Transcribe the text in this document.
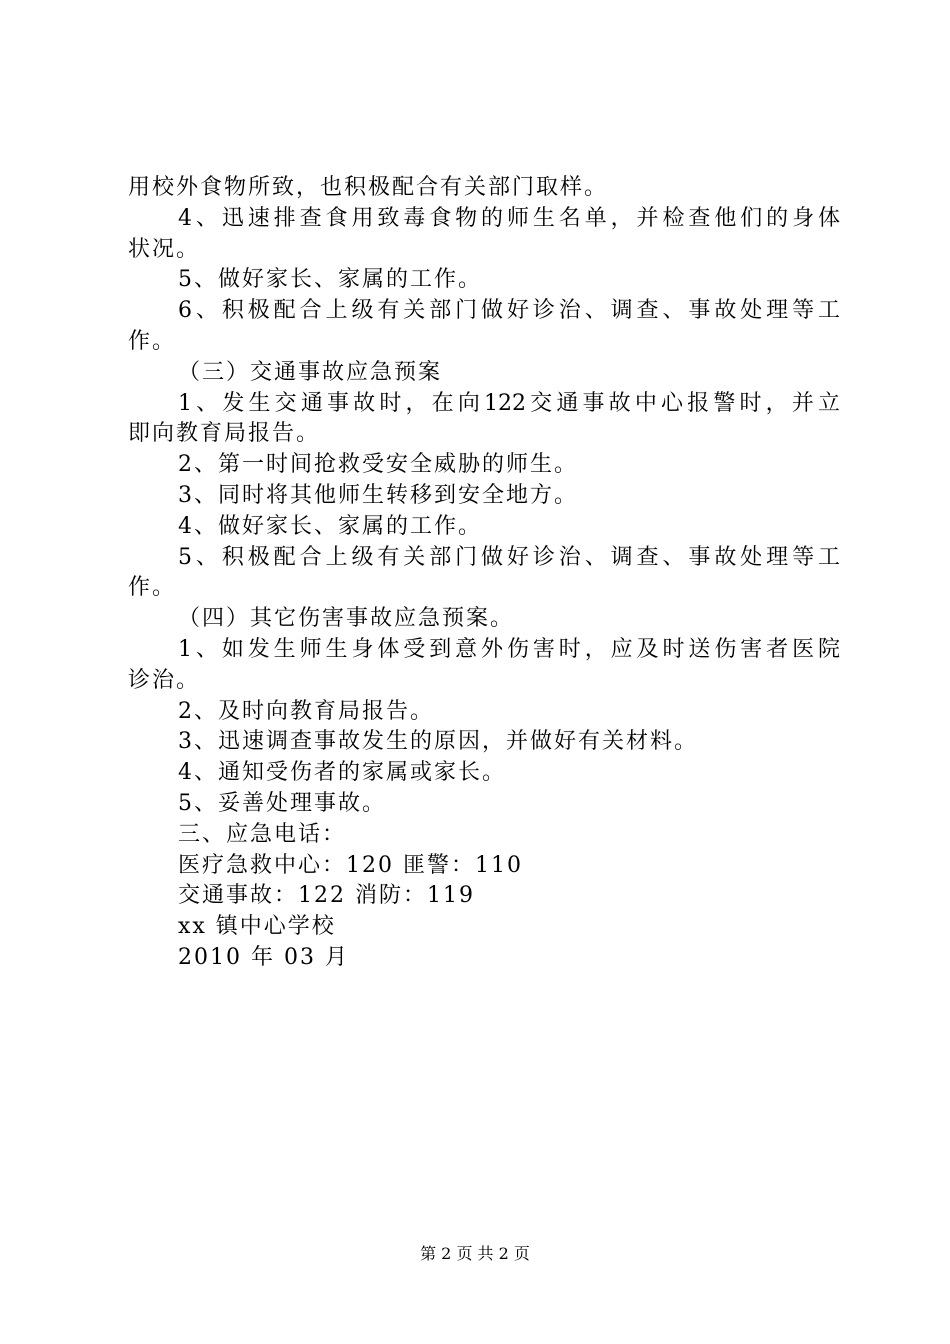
用校外食物所致，也积极配合有关部门取样。
4、迅速排查食用致毒食物的师生名单，并检查他们的身体
状况。
5、做好家长、家属的工作。
6、积极配合上级有关部门做好诊治、调查、事故处理等工
作。
（三）交通事故应急预案
1、发生交通事故时，在向122交通事故中心报警时，并立
即向教育局报告。
2、第一时间抢救受安全威胁的师生。
3、同时将其他师生转移到安全地方。
4、做好家长、家属的工作。
5、积极配合上级有关部门做好诊治、调查、事故处理等工
作。
（四）其它伤害事故应急预案。
1、如发生师生身体受到意外伤害时，应及时送伤害者医院
诊治。
2、及时向教育局报告。
3、迅速调查事故发生的原因，并做好有关材料。
4、通知受伤者的家属或家长。
5、妥善处理事故。
三、应急电话：
医疗急救中心：120 匪警：110
交通事故：122 消防：119
xx 镇中心学校
2010 年 03 月
第 2 页 共 2 页
